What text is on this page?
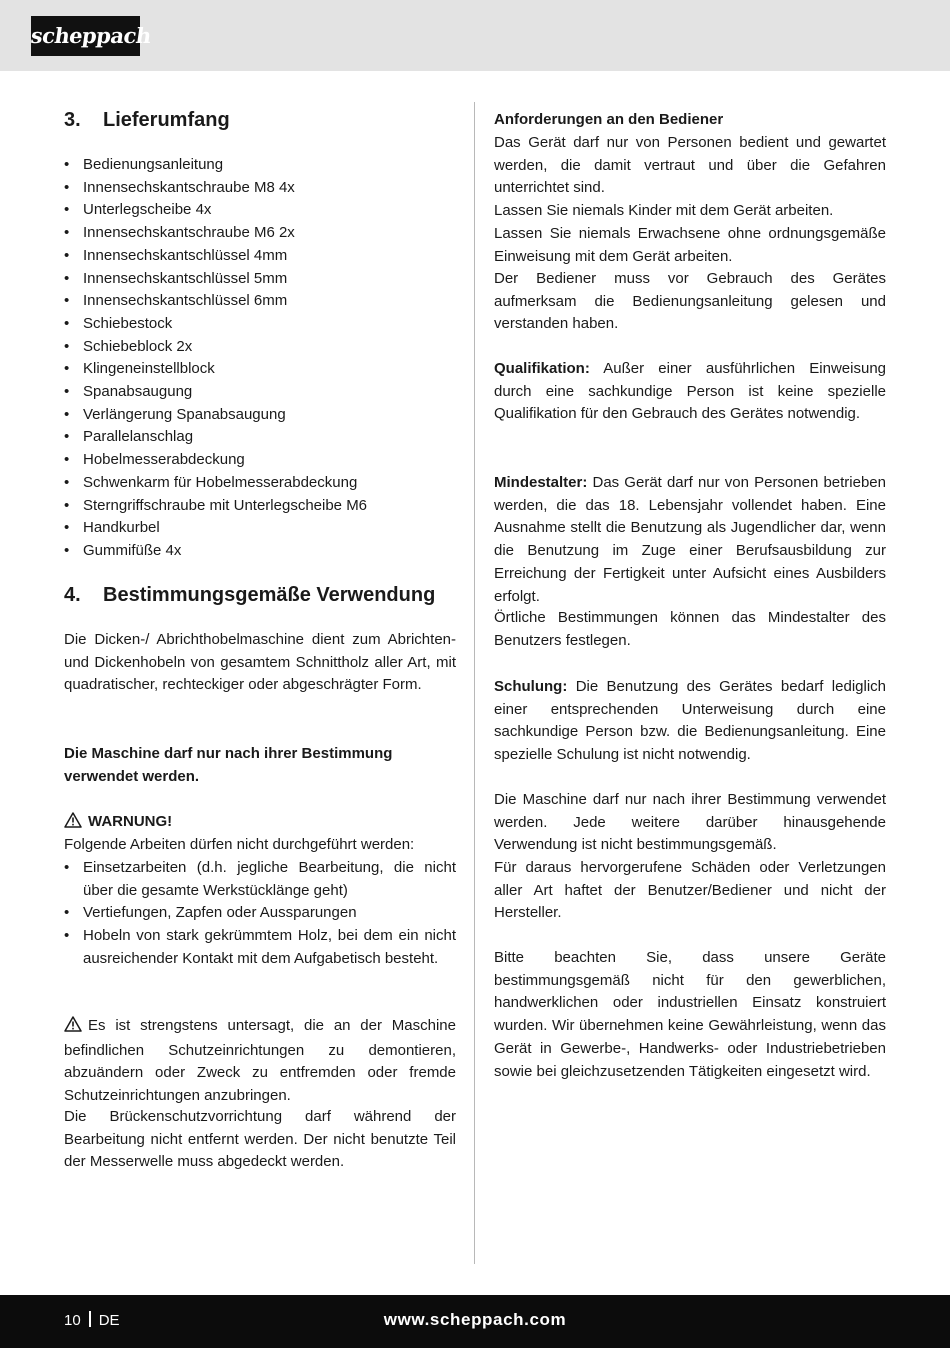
scheppach
3. Lieferumfang
• Bedienungsanleitung
• Innensechskantschraube M8 4x
• Unterlegscheibe 4x
• Innensechskantschraube M6 2x
• Innensechskantschlüssel 4mm
• Innensechskantschlüssel 5mm
• Innensechskantschlüssel 6mm
• Schiebestock
• Schiebeblock 2x
• Klingeneinstellblock
• Spanabsaugung
• Verlängerung Spanabsaugung
• Parallelanschlag
• Hobelmesserabdeckung
• Schwenkarm für Hobelmesserabdeckung
• Sterngriffschraube mit Unterlegscheibe M6
• Handkurbel
• Gummifüße 4x
4. Bestimmungsgemäße Verwendung
Die Dicken-/ Abrichthobelmaschine dient zum Abrichten- und Dickenhobeln von gesamtem Schnittholz aller Art, mit quadratischer, rechteckiger oder abgeschrägter Form.
Die Maschine darf nur nach ihrer Bestimmung verwendet werden.
WARNUNG!
Folgende Arbeiten dürfen nicht durchgeführt werden:
• Einsetzarbeiten (d.h. jegliche Bearbeitung, die nicht über die gesamte Werkstücklänge geht)
• Vertiefungen, Zapfen oder Aussparungen
• Hobeln von stark gekrümmtem Holz, bei dem ein nicht ausreichender Kontakt mit dem Aufgabetisch besteht.
Es ist strengstens untersagt, die an der Maschine befindlichen Schutzeinrichtungen zu demontieren, abzuändern oder Zweck zu entfremden oder fremde Schutzeinrichtungen anzubringen.
Die Brückenschutzvorrichtung darf während der Bearbeitung nicht entfernt werden. Der nicht benutzte Teil der Messerwelle muss abgedeckt werden.
Anforderungen an den Bediener
Das Gerät darf nur von Personen bedient und gewartet werden, die damit vertraut und über die Gefahren unterrichtet sind.
Lassen Sie niemals Kinder mit dem Gerät arbeiten.
Lassen Sie niemals Erwachsene ohne ordnungsgemäße Einweisung mit dem Gerät arbeiten.
Der Bediener muss vor Gebrauch des Gerätes aufmerksam die Bedienungsanleitung gelesen und verstanden haben.
Qualifikation: Außer einer ausführlichen Einweisung durch eine sachkundige Person ist keine spezielle Qualifikation für den Gebrauch des Gerätes notwendig.
Mindestalter: Das Gerät darf nur von Personen betrieben werden, die das 18. Lebensjahr vollendet haben. Eine Ausnahme stellt die Benutzung als Jugendlicher dar, wenn die Benutzung im Zuge einer Berufsausbildung zur Erreichung der Fertigkeit unter Aufsicht eines Ausbilders erfolgt.
Örtliche Bestimmungen können das Mindestalter des Benutzers festlegen.
Schulung: Die Benutzung des Gerätes bedarf lediglich einer entsprechenden Unterweisung durch eine sachkundige Person bzw. die Bedienungsanleitung. Eine spezielle Schulung ist nicht notwendig.
Die Maschine darf nur nach ihrer Bestimmung verwendet werden. Jede weitere darüber hinausgehende Verwendung ist nicht bestimmungsgemäß.
Für daraus hervorgerufene Schäden oder Verletzungen aller Art haftet der Benutzer/Bediener und nicht der Hersteller.
Bitte beachten Sie, dass unsere Geräte bestimmungsgemäß nicht für den gewerblichen, handwerklichen oder industriellen Einsatz konstruiert wurden. Wir übernehmen keine Gewährleistung, wenn das Gerät in Gewerbe-, Handwerks- oder Industriebetrieben sowie bei gleichzusetzenden Tätigkeiten eingesetzt wird.
10 DE	www.scheppach.com
